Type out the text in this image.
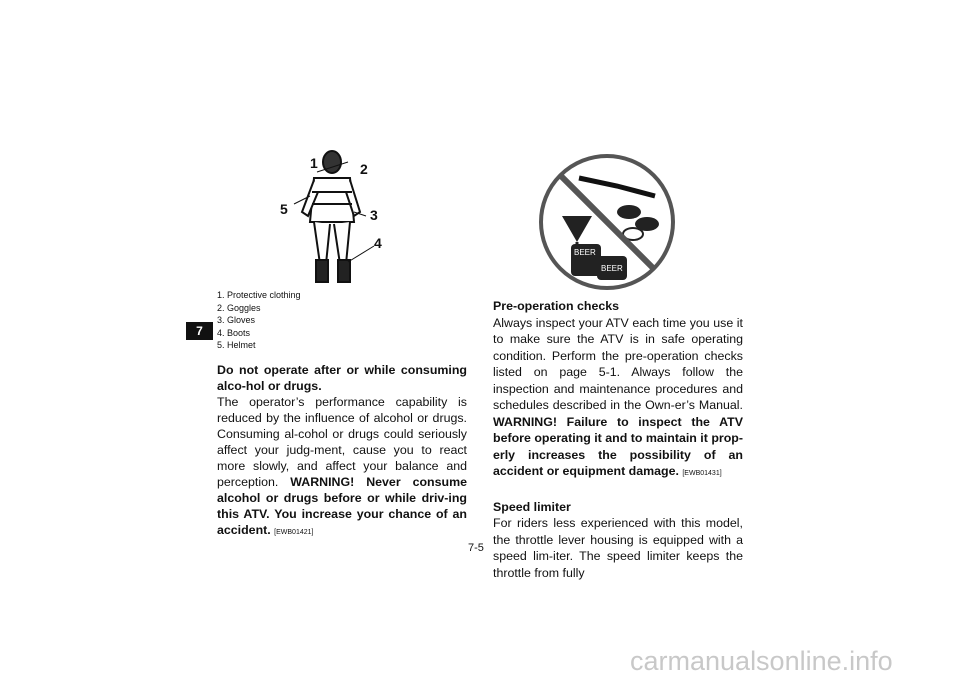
7
1	2
3
4
5
1. Protective clothing
2. Goggles
3. Gloves
4. Boots
5. Helmet
BEER
BEER

Do not operate after or while consuming alco-hol or drugs.

The operator’s performance capability is reduced by the influence of alcohol or drugs. Consuming al-cohol or drugs could seriously affect your judg-ment, cause you to react more slowly, and affect your balance and perception. WARNING! Never consume alcohol or drugs before or while driv-ing this ATV. You increase your chance of an accident. [EWB01421]

Pre-operation checks

Always inspect your ATV each time you use it to make sure the ATV is in safe operating condition. Perform the pre-operation checks listed on page 5-1. Always follow the inspection and maintenance procedures and schedules described in the Own-er’s Manual. WARNING! Failure to inspect the ATV before operating it and to maintain it prop-erly increases the possibility of an accident or equipment damage. [EWB01431]

Speed limiter

For riders less experienced with this model, the throttle lever housing is equipped with a speed lim-iter. The speed limiter keeps the throttle from fully

7-5
carmanualsonline.info
